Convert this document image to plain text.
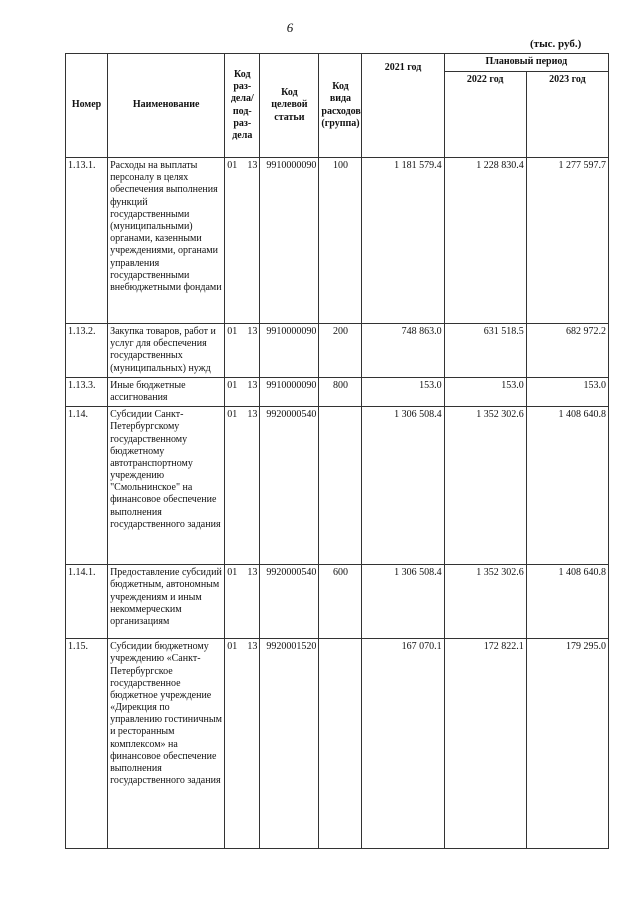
6
(тыс. руб.)
Номер	Наименование	Код раз- дела/ под- раз- дела	Код целевой статьи	Код вида расходов (группа)	2021 год	Плановый период	
						2022 год	2023 год
1.13.1.	Расходы на выплаты персоналу в целях обеспечения выполнения функций государственными (муниципальными) органами, казенными учреждениями, органами управления государственными внебюджетными фондами	01 13	9910000090	100	1 181 579.4	1 228 830.4	1 277 597.7
1.13.2.	Закупка товаров, работ и услуг для обеспечения государственных (муниципальных) нужд	01 13	9910000090	200	748 863.0	631 518.5	682 972.2
1.13.3.	Иные бюджетные ассигнования	01 13	9910000090	800	153.0	153.0	153.0
1.14.	Субсидии Санкт-Петербургскому государственному бюджетному автотранспортному учреждению "Смольнинское" на финансовое обеспечение выполнения государственного задания	01 13	9920000540		1 306 508.4	1 352 302.6	1 408 640.8
1.14.1.	Предоставление субсидий бюджетным, автономным учреждениям и иным некоммерческим организациям	01 13	9920000540	600	1 306 508.4	1 352 302.6	1 408 640.8
1.15.	Субсидии бюджетному учреждению «Санкт-Петербургское государственное бюджетное учреждение «Дирекция по управлению гостиничным и ресторанным комплексом» на финансовое обеспечение выполнения государственного задания	01 13	9920001520		167 070.1	172 822.1	179 295.0
